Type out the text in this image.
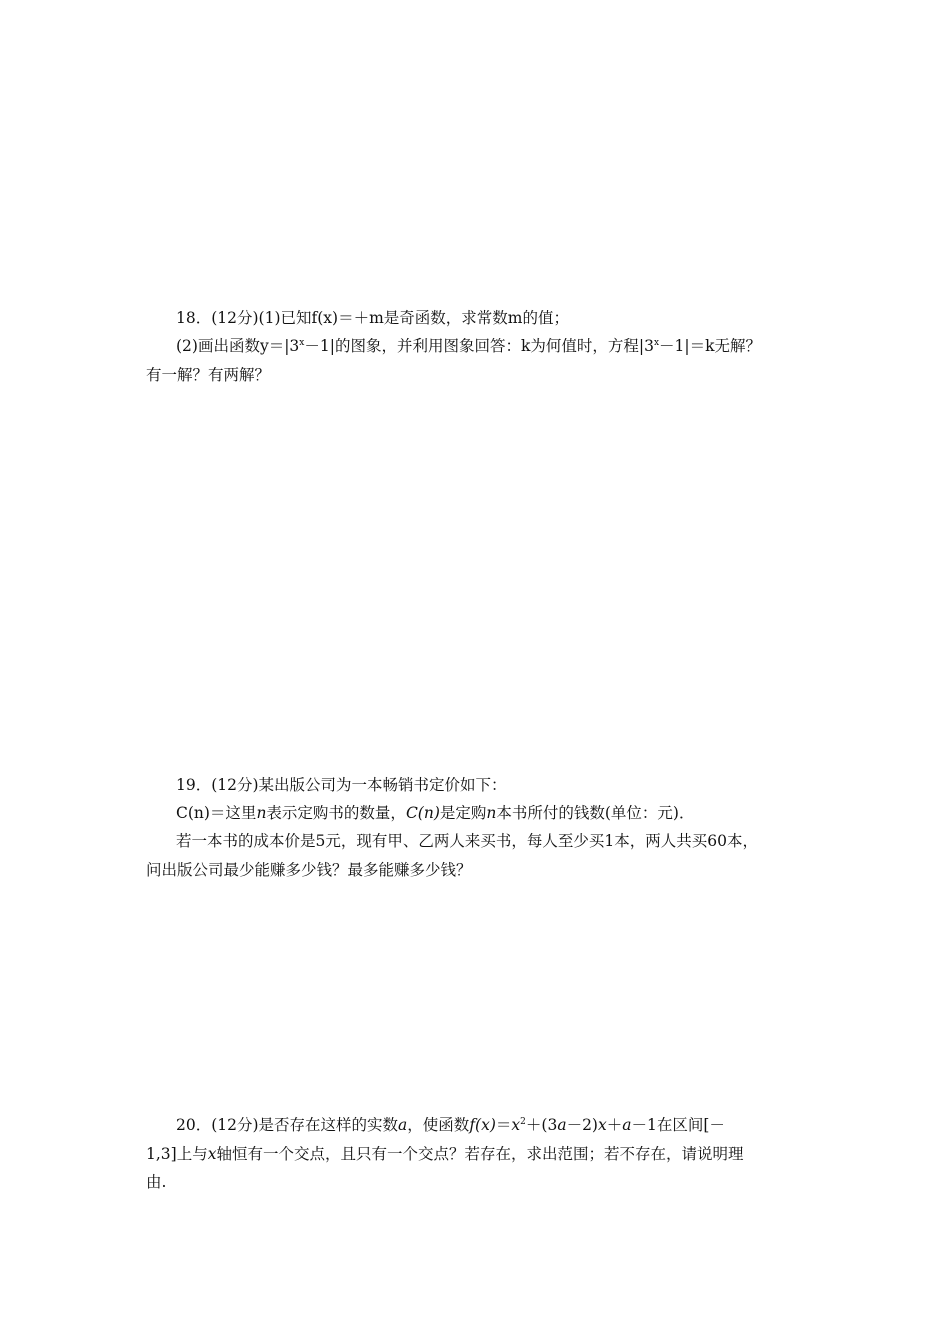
18．(12分)(1)已知f(x)＝＋m是奇函数，求常数m的值；
(2)画出函数$y=|3^x-1|$的图象，并利用图象回答：k为何值时，方程$|3^x-1|=k$无解？
有一解？有两解？
19．(12分)某出版公司为一本畅销书定价如下：
C(n)＝这里n表示定购书的数量，C(n)是定购n本书所付的钱数(单位：元)．
若一本书的成本价是5元，现有甲、乙两人来买书，每人至少买1本，两人共买60本，
问出版公司最少能赚多少钱？最多能赚多少钱？
20．(12分)是否存在这样的实数a，使函数$f(x)=x^2+(3a-2)x+a-1$在区间[－
1,3]上与x轴恒有一个交点，且只有一个交点？若存在，求出范围；若不存在，请说明理
由.
